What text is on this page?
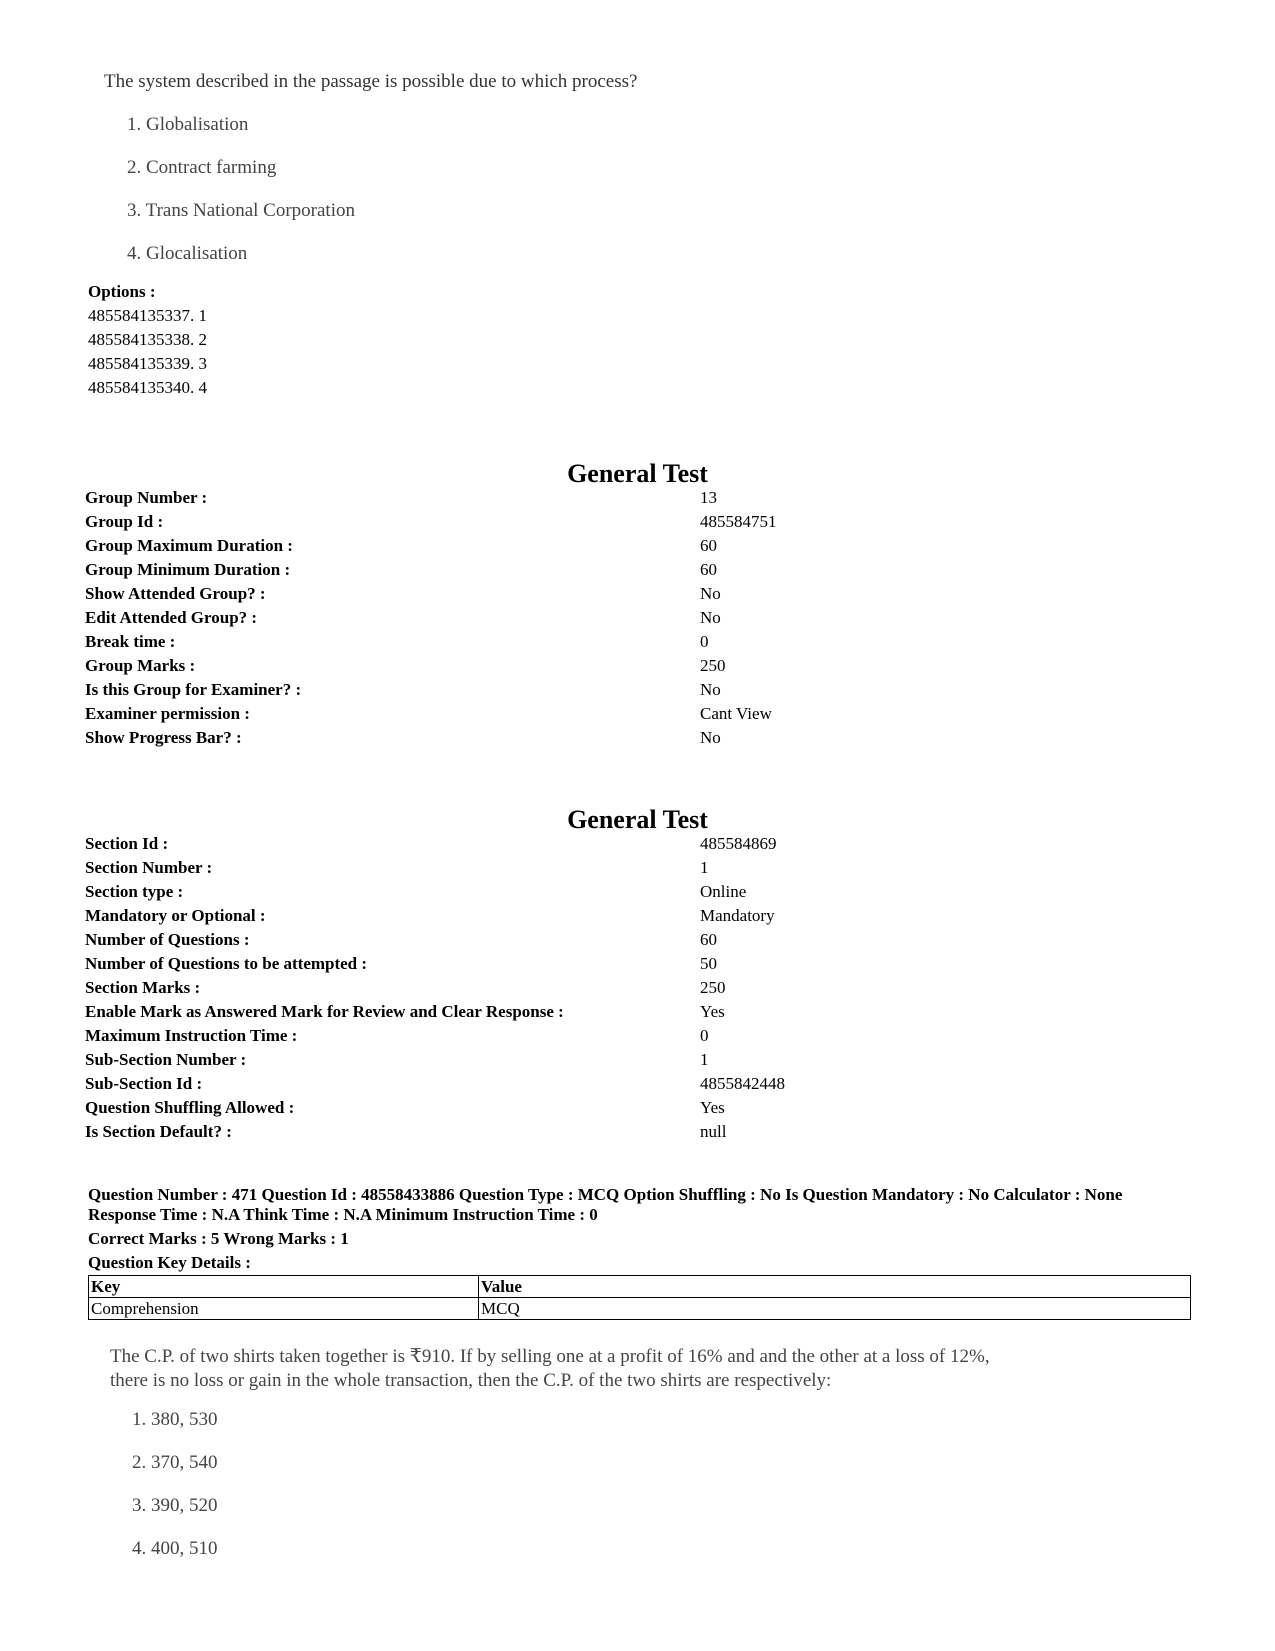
The system described in the passage is possible due to which process?
1. Globalisation
2. Contract farming
3. Trans National Corporation
4. Glocalisation
Options :
485584135337. 1
485584135338. 2
485584135339. 3
485584135340. 4
General Test
Group Number :	13
Group Id :	485584751
Group Maximum Duration :	60
Group Minimum Duration :	60
Show Attended Group? :	No
Edit Attended Group? :	No
Break time :	0
Group Marks :	250
Is this Group for Examiner? :	No
Examiner permission :	Cant View
Show Progress Bar? :	No
General Test
Section Id :	485584869
Section Number :	1
Section type :	Online
Mandatory or Optional :	Mandatory
Number of Questions :	60
Number of Questions to be attempted :	50
Section Marks :	250
Enable Mark as Answered Mark for Review and Clear Response :	Yes
Maximum Instruction Time :	0
Sub-Section Number :	1
Sub-Section Id :	4855842448
Question Shuffling Allowed :	Yes
Is Section Default? :	null
Question Number : 471 Question Id : 48558433886 Question Type : MCQ Option Shuffling : No Is Question Mandatory : No Calculator : None
Response Time : N.A Think Time : N.A Minimum Instruction Time : 0
Correct Marks : 5 Wrong Marks : 1
Question Key Details :
Key	Value
Comprehension	MCQ
The C.P. of two shirts taken together is ₹910. If by selling one at a profit of 16% and and the other at a loss of 12%, there is no loss or gain in the whole transaction, then the C.P. of the two shirts are respectively:
1. 380, 530
2. 370, 540
3. 390, 520
4. 400, 510
